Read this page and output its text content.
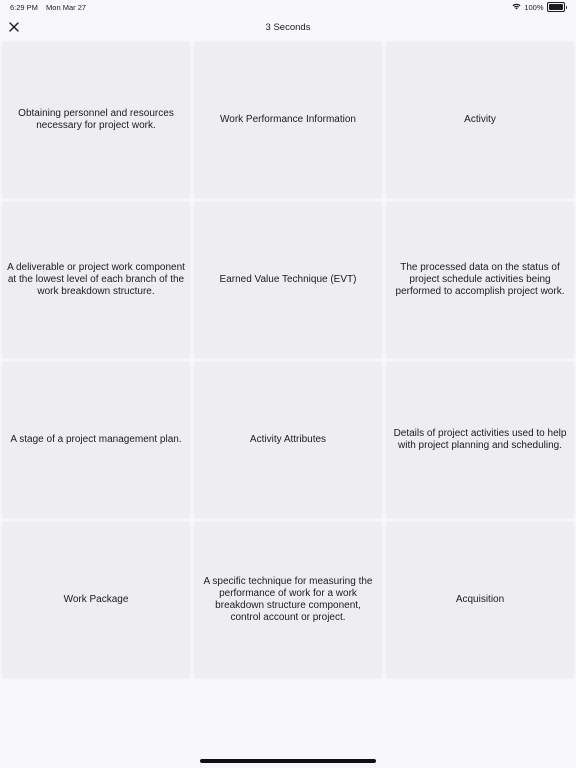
6:29 PM Mon Mar 27	100%
3 Seconds
Obtaining personnel and resources necessary for project work.
Work Performance Information	Activity
A deliverable or project work component at the lowest level of each branch of the work breakdown structure.
Earned Value Technique (EVT)
The processed data on the status of project schedule activities being performed to accomplish project work.
A stage of a project management plan.	Activity Attributes
Details of project activities used to help with project planning and scheduling.
Work Package
A specific technique for measuring the performance of work for a work breakdown structure component, control account or project.
Acquisition
